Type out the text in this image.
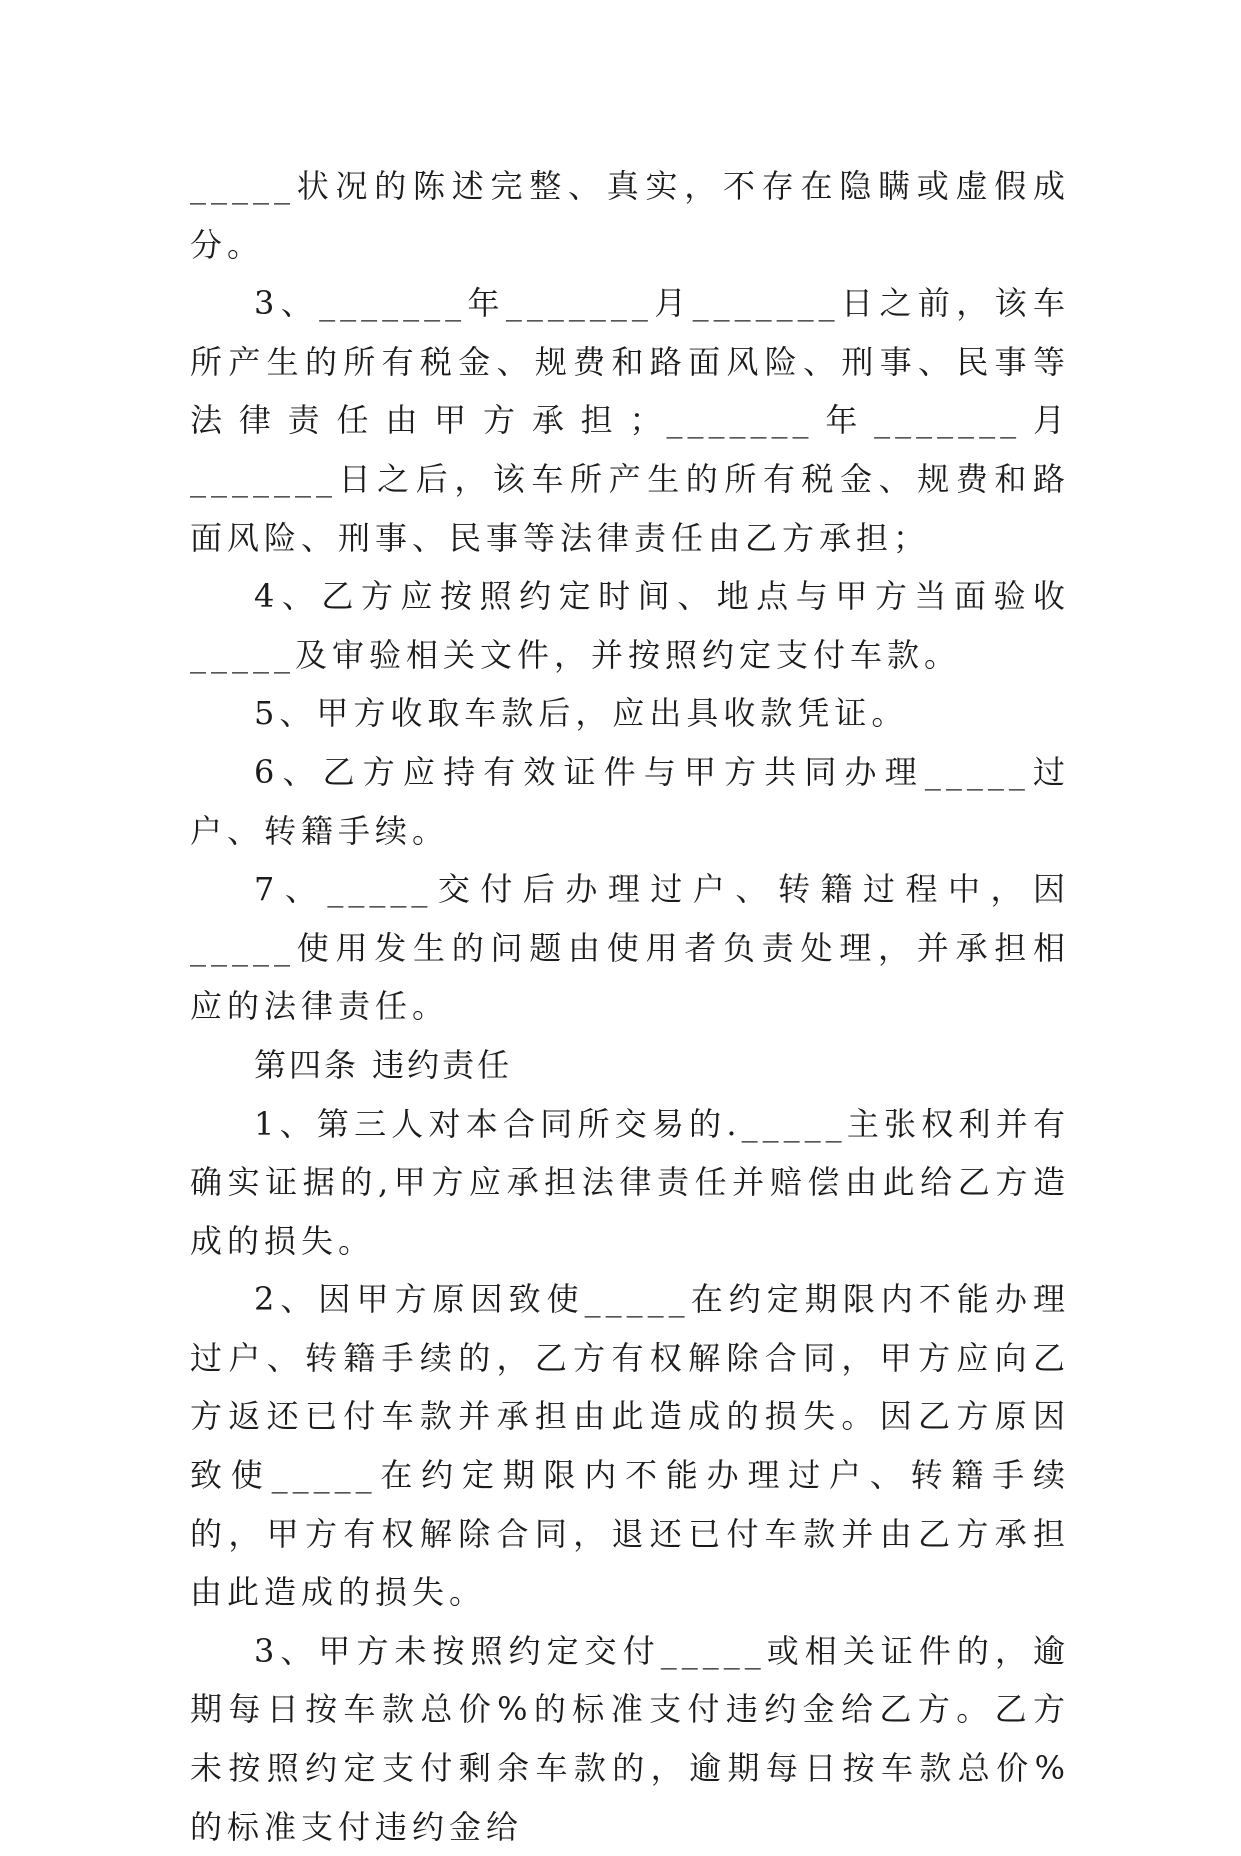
_____状况的陈述完整、真实，不存在隐瞒或虚假成分。

3、_______年_______月_______日之前，该车所产生的所有税金、规费和路面风险、刑事、民事等法律责任由甲方承担；_______年_______月_______日之后，该车所产生的所有税金、规费和路面风险、刑事、民事等法律责任由乙方承担；

4、乙方应按照约定时间、地点与甲方当面验收_____及审验相关文件，并按照约定支付车款。

5、甲方收取车款后，应出具收款凭证。

6、乙方应持有效证件与甲方共同办理_____过户、转籍手续。

7、_____交付后办理过户、转籍过程中，因_____使用发生的问题由使用者负责处理，并承担相应的法律责任。

第四条 违约责任

1、第三人对本合同所交易的._____主张权利并有确实证据的,甲方应承担法律责任并赔偿由此给乙方造成的损失。

2、因甲方原因致使_____在约定期限内不能办理过户、转籍手续的，乙方有权解除合同，甲方应向乙方返还已付车款并承担由此造成的损失。因乙方原因致使_____在约定期限内不能办理过户、转籍手续的，甲方有权解除合同，退还已付车款并由乙方承担由此造成的损失。

3、甲方未按照约定交付_____或相关证件的，逾期每日按车款总价%的标准支付违约金给乙方。乙方未按照约定支付剩余车款的，逾期每日按车款总价%的标准支付违约金给
